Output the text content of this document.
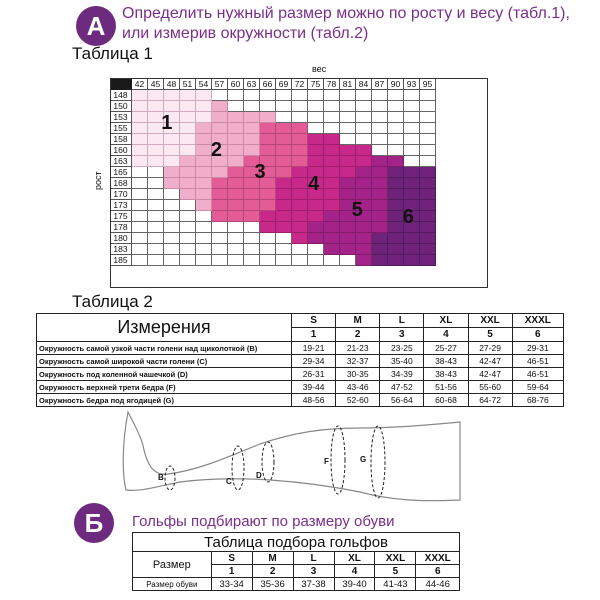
A Определить нужный размер можно по росту и весу (табл.1), или измерив окружности (табл.2)
Таблица 1
вес
рост
42 45 48 51 54 57 60 63 66 69 72 75 78 81 84 87 90 93 95
148
150
153
155
158
160
163
165
168
170
173
175
178
180
183
185
1
2
3
4
5 6
Таблица 2
Измерения	S	M	L	XL	XXL	XXXL
	1	2	3	4	5	6
Окружность самой узкой части голени над щиколоткой (B)	19-21	21-23	23-25	25-27	27-29	29-31
Окружность самой широкой части голени (C)	29-34	32-37	35-40	38-43	42-47	46-51
Окружность под коленной чашечкой (D)	26-31	30-35	34-39	38-43	42-47	46-51
Окружность верхней трети бедра (F)	39-44	43-46	47-52	51-56	55-60	59-64
Окружность бедра под ягодицей (G)	48-56	52-60	56-64	60-68	64-72	68-76
B	C
D
F	G
Б Гольфы подбирают по размеру обуви
Таблица подбора гольфов						
Размер	S	M	L	XL	XXL	XXXL
	1	2	3	4	5	6
Размер обуви	33-34	35-36	37-38	39-40	41-43	44-46
